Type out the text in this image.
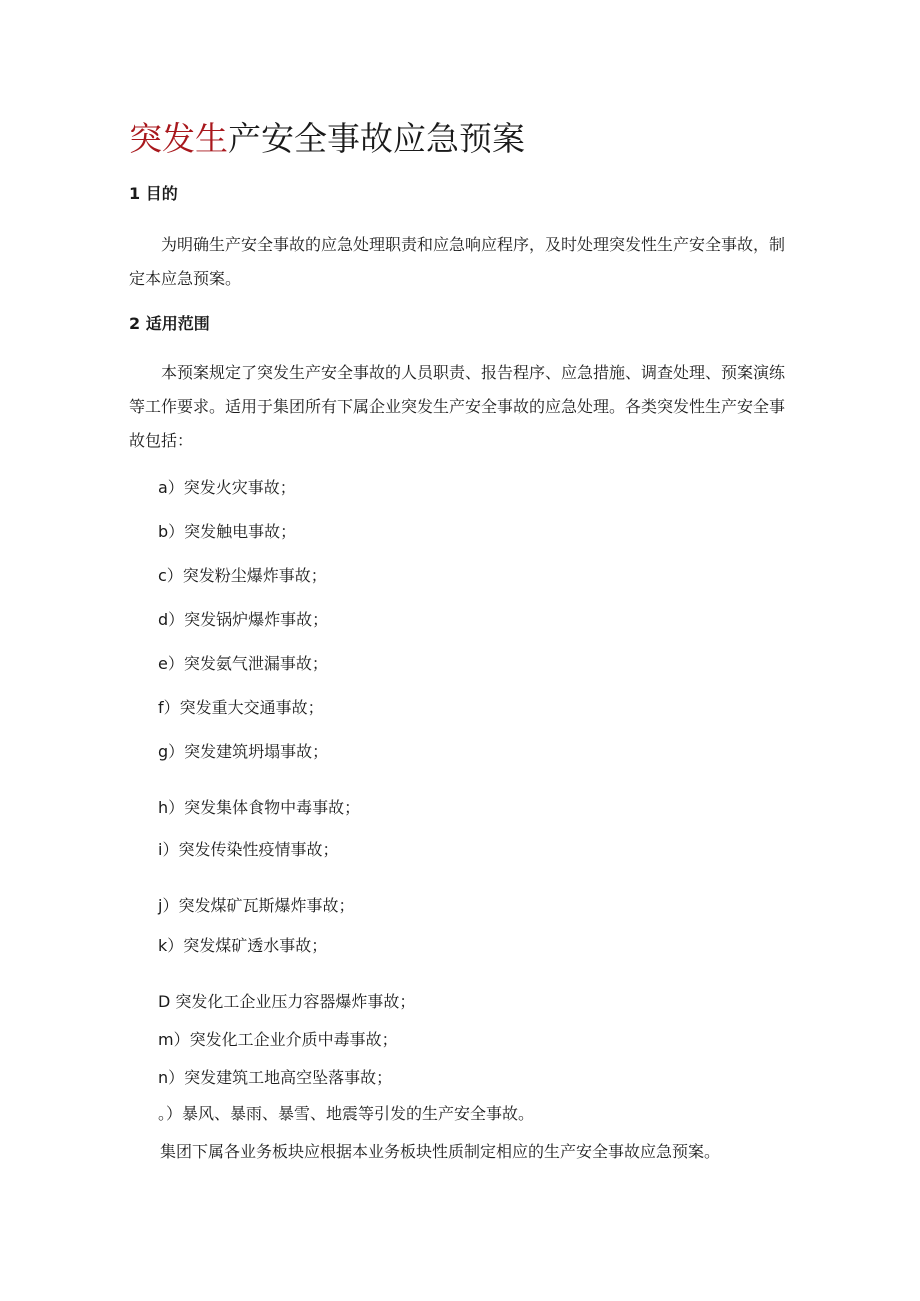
突发生产安全事故应急预案
1 目的
为明确生产安全事故的应急处理职责和应急响应程序，及时处理突发性生产安全事故，制定本应急预案。
2 适用范围
本预案规定了突发生产安全事故的人员职责、报告程序、应急措施、调查处理、预案演练等工作要求。适用于集团所有下属企业突发生产安全事故的应急处理。各类突发性生产安全事故包括：
a）突发火灾事故；
b）突发触电事故；
c）突发粉尘爆炸事故；
d）突发锅炉爆炸事故；
e）突发氨气泄漏事故；
f）突发重大交通事故；
g）突发建筑坍塌事故；
h）突发集体食物中毒事故；
i）突发传染性疫情事故；
j）突发煤矿瓦斯爆炸事故；
k）突发煤矿透水事故；
D 突发化工企业压力容器爆炸事故；
m）突发化工企业介质中毒事故；
n）突发建筑工地高空坠落事故；
。）暴风、暴雨、暴雪、地震等引发的生产安全事故。
集团下属各业务板块应根据本业务板块性质制定相应的生产安全事故应急预案。
